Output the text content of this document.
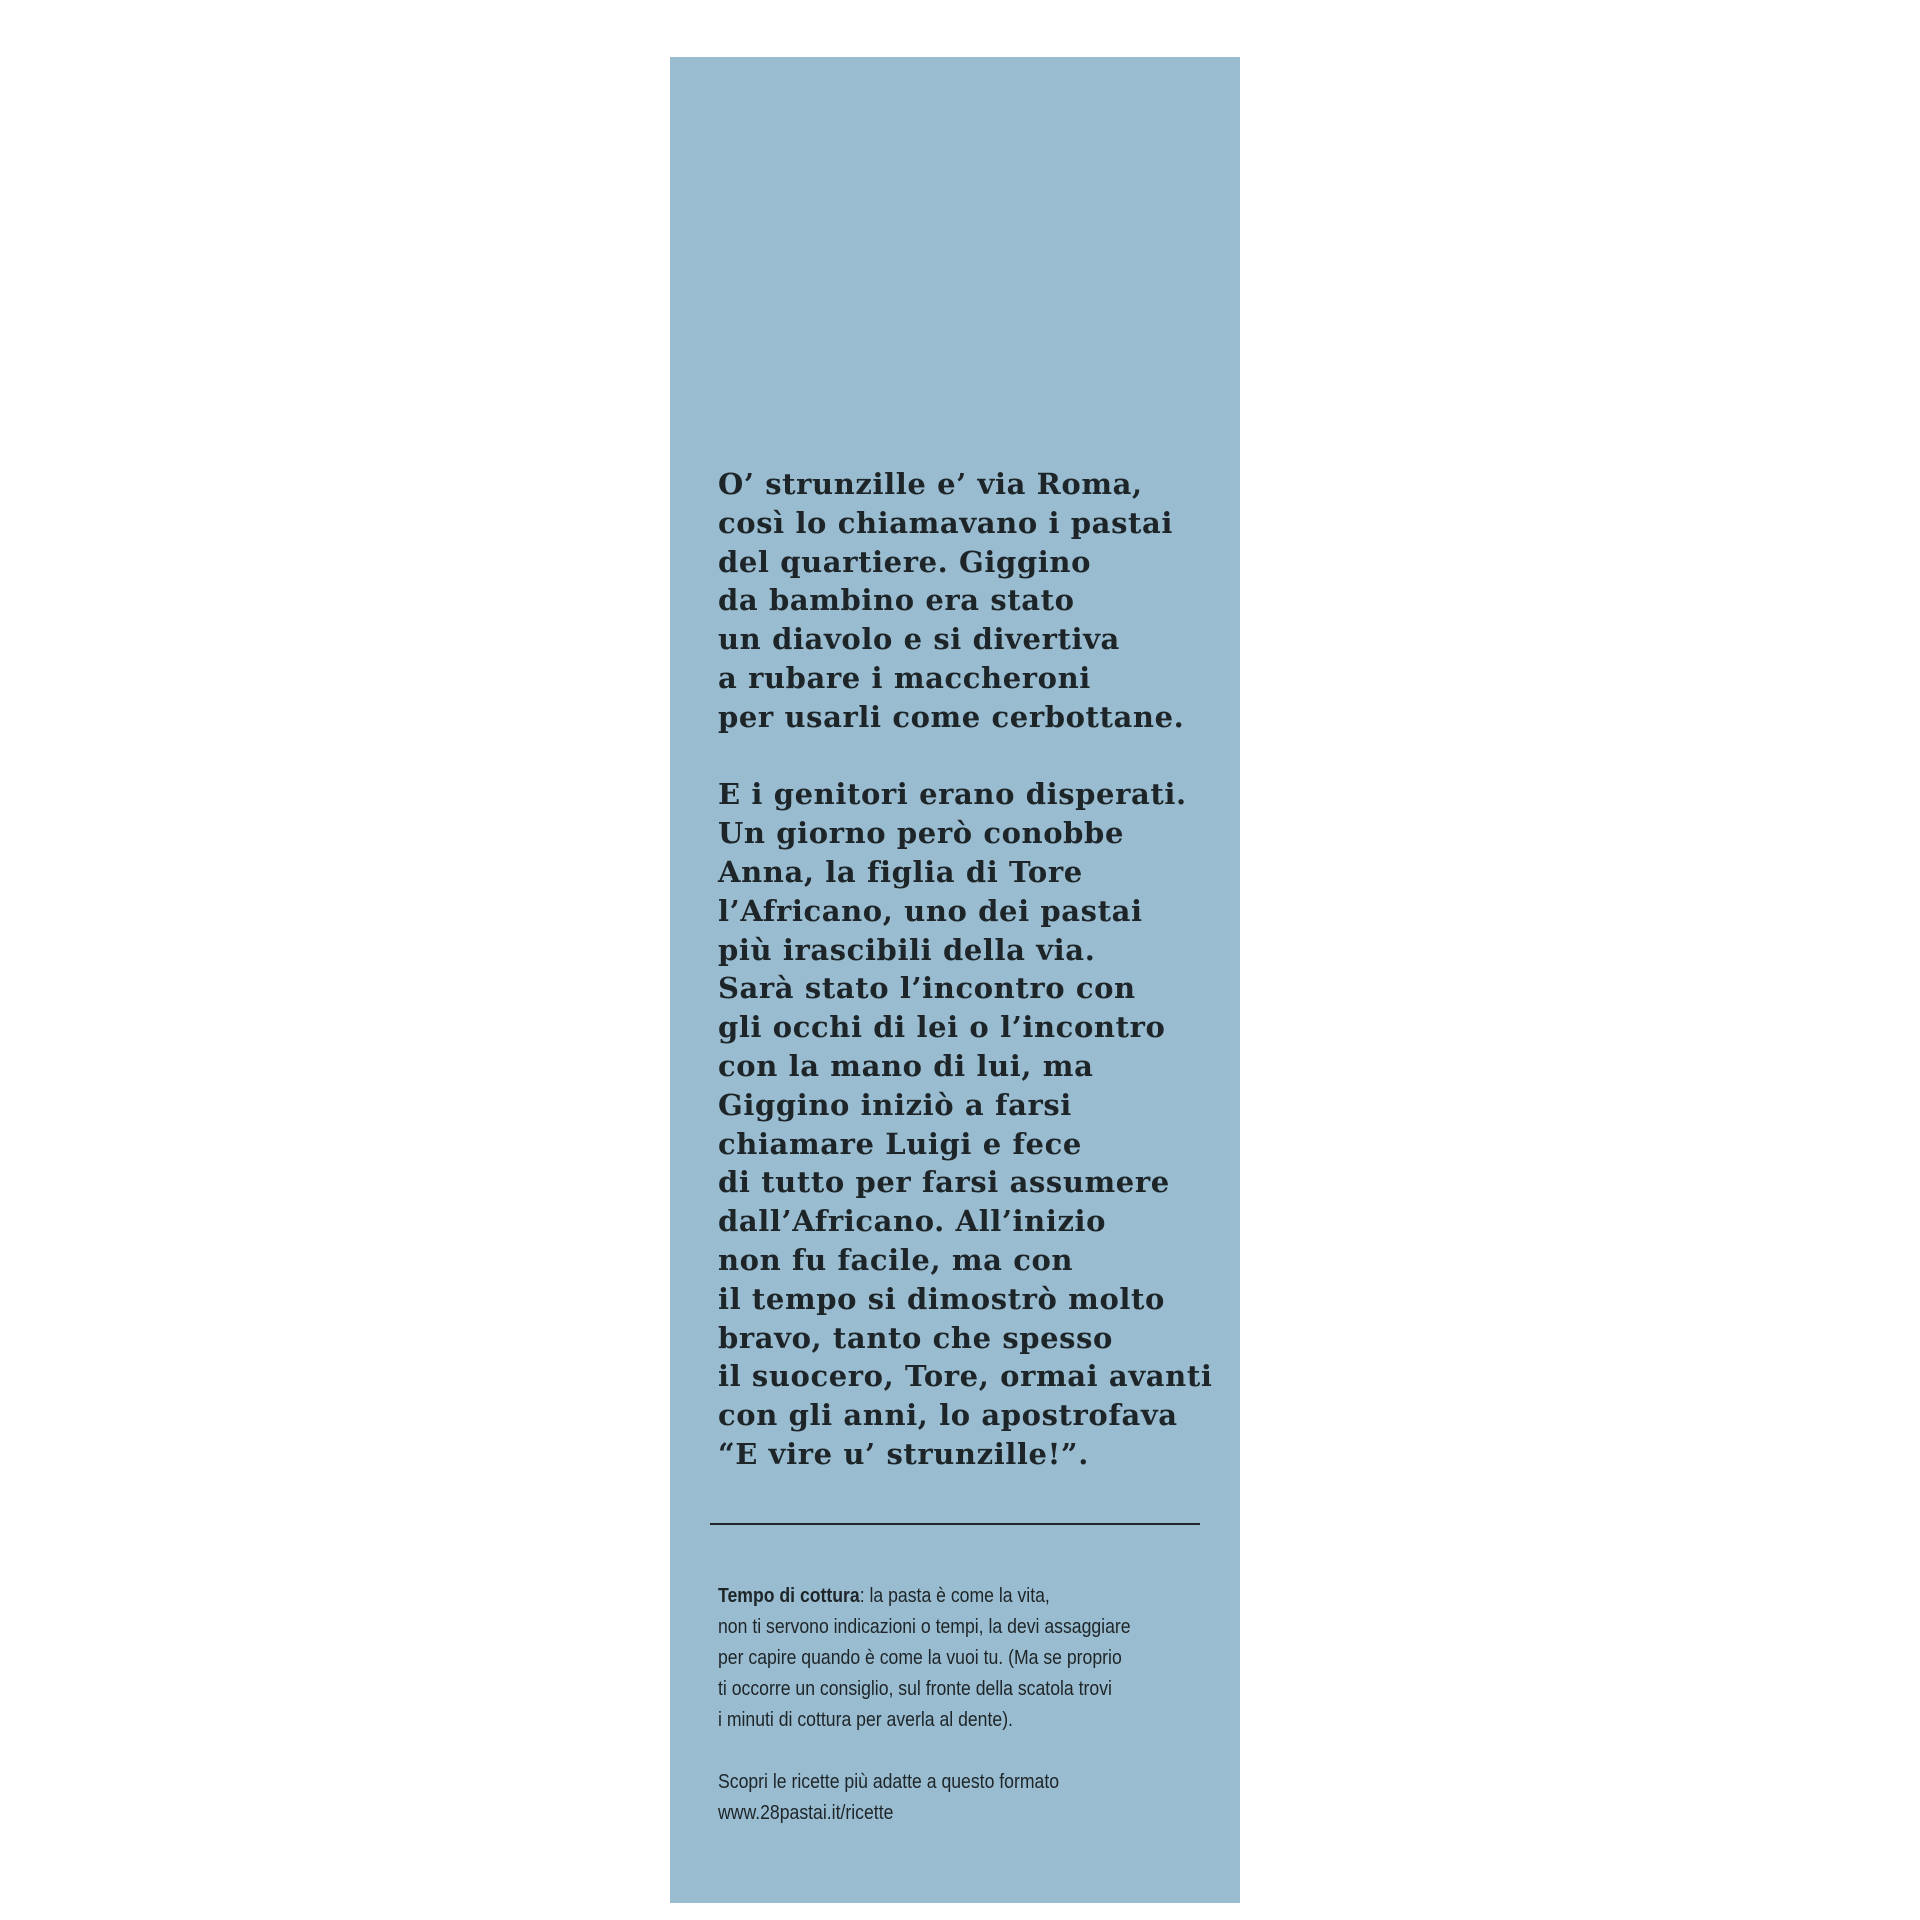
O’ strunzille e’ via Roma,
così lo chiamavano i pastai
del quartiere. Giggino
da bambino era stato
un diavolo e si divertiva
a rubare i maccheroni
per usarli come cerbottane.
E i genitori erano disperati.
Un giorno però conobbe
Anna, la figlia di Tore
l’Africano, uno dei pastai
più irascibili della via.
Sarà stato l’incontro con
gli occhi di lei o l’incontro
con la mano di lui, ma
Giggino iniziò a farsi
chiamare Luigi e fece
di tutto per farsi assumere
dall’Africano. All’inizio
non fu facile, ma con
il tempo si dimostrò molto
bravo, tanto che spesso
il suocero, Tore, ormai avanti
con gli anni, lo apostrofava
“E vire u’ strunzille!”.
Tempo di cottura: la pasta è come la vita,
non ti servono indicazioni o tempi, la devi assaggiare
per capire quando è come la vuoi tu. (Ma se proprio
ti occorre un consiglio, sul fronte della scatola trovi
i minuti di cottura per averla al dente).
Scopri le ricette più adatte a questo formato
www.28pastai.it/ricette
